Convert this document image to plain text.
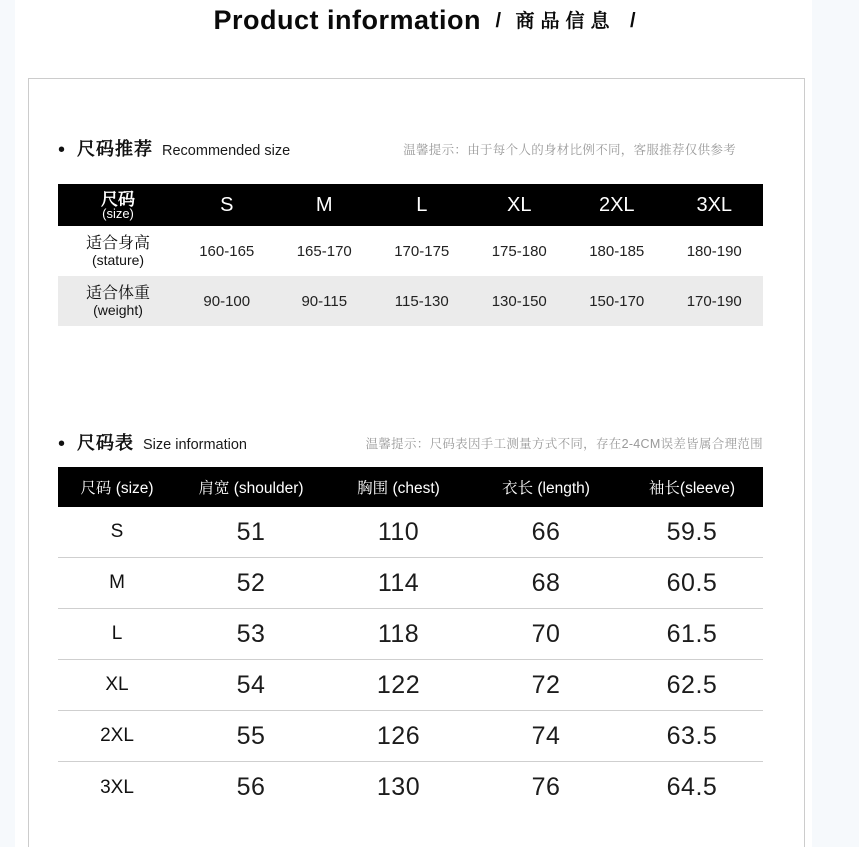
Product information / 商品信息 /
• 尺码推荐 Recommended size	温馨提示：由于每个人的身材比例不同，客服推荐仅供参考
尺码
(size)	S	M	L	XL	2XL	3XL
适合身高
(stature)
160-165	165-170	170-175	175-180	180-185	180-190
适合体重
(weight)
90-100	90-115	115-130	130-150	150-170	170-190
• 尺码表 Size information	温馨提示：尺码表因手工测量方式不同，存在2-4CM误差皆属合理范围
尺码 (size)	肩宽 (shoulder)	胸围 (chest)	衣长 (length)	袖长(sleeve)
S	51	110	66	59.5
M	52	114	68	60.5
L	53	118	70	61.5
XL	54	122	72	62.5
2XL	55	126	74	63.5
3XL	56	130	76	64.5
